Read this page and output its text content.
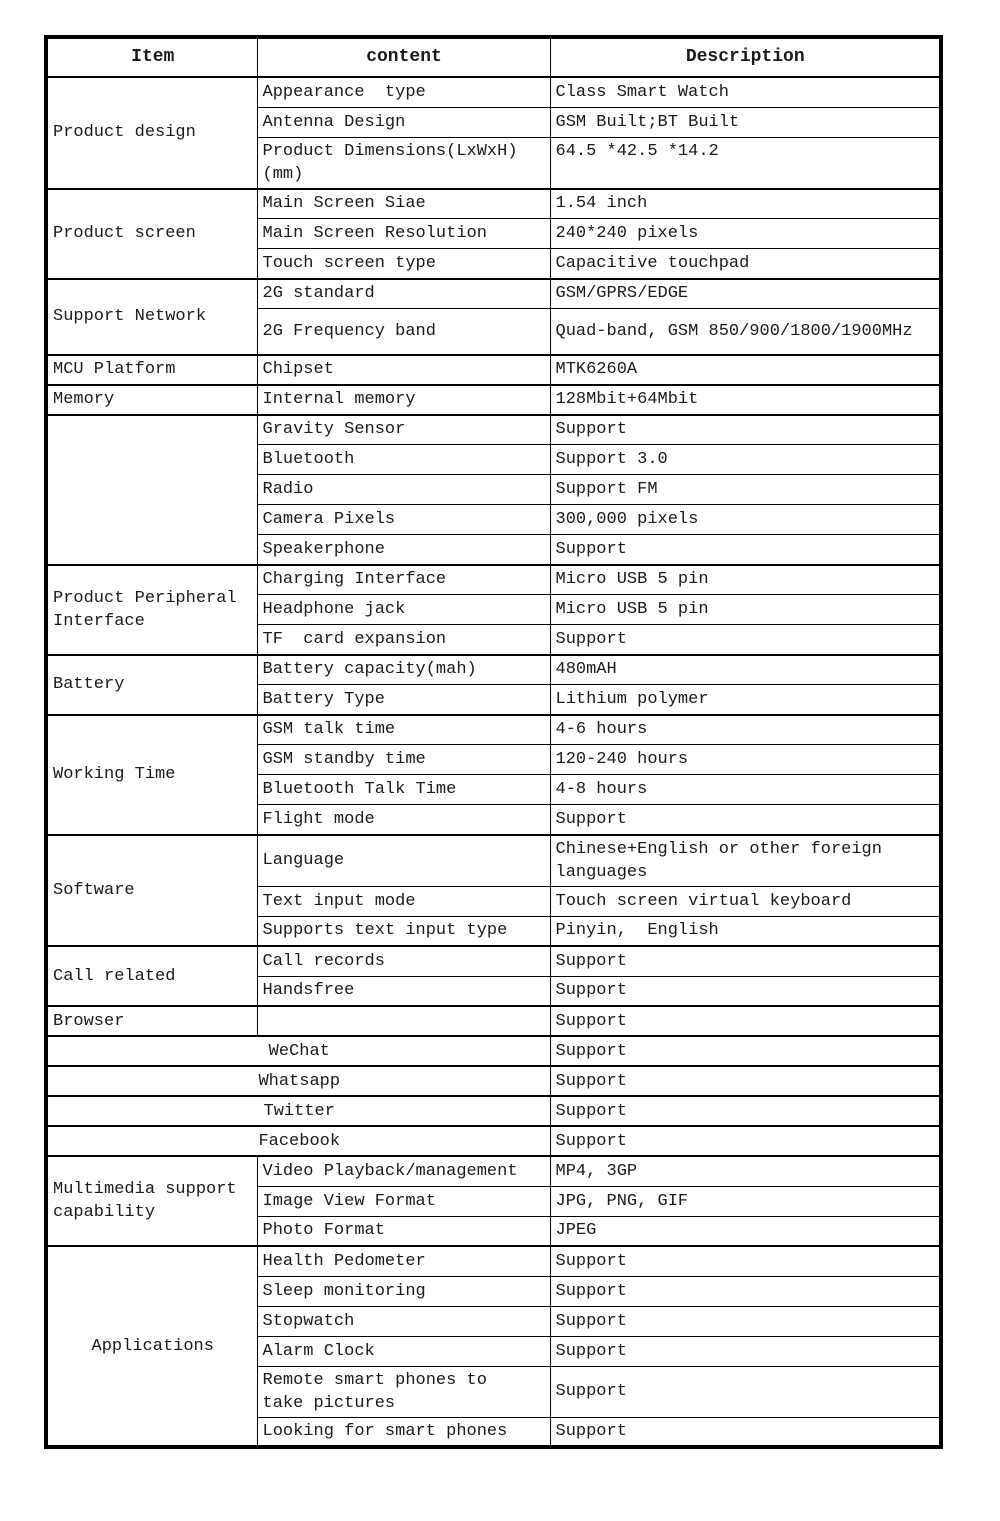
Item	content	Description
Product design	Appearance  type	Class Smart Watch
	Antenna Design	GSM Built;BT Built
	Product Dimensions(LxWxH)(mm)	64.5 *42.5 *14.2
Product screen	Main Screen Siae	1.54 inch
	Main Screen Resolution	240*240 pixels
	Touch screen type	Capacitive touchpad
Support Network	2G standard	GSM/GPRS/EDGE
	2G Frequency band	Quad-band, GSM 850/900/1800/1900MHz
MCU Platform	Chipset	MTK6260A
Memory	Internal memory	128Mbit+64Mbit
	Gravity Sensor	Support
	Bluetooth	Support 3.0
	Radio	Support FM
	Camera Pixels	300,000 pixels
	Speakerphone	Support
Product Peripheral Interface	Charging Interface	Micro USB 5 pin
	Headphone jack	Micro USB 5 pin
	TF  card expansion	Support
Battery	Battery capacity(mah)	480mAH
	Battery Type	Lithium polymer
Working Time	GSM talk time	4-6 hours
	GSM standby time	120-240 hours
	Bluetooth Talk Time	4-8 hours
	Flight mode	Support
Software	Language	Chinese+English or other foreign languages
	Text input mode	Touch screen virtual keyboard
	Supports text input type	Pinyin,  English
Call related	Call records	Support
	Handsfree	Support
Browser		Support
WeChat		Support
Whatsapp		Support
Twitter		Support
Facebook		Support
Multimedia support capability	Video Playback/management	MP4, 3GP
	Image View Format	JPG, PNG, GIF
	Photo Format	JPEG
Applications	Health Pedometer	Support
	Sleep monitoring	Support
	Stopwatch	Support
	Alarm Clock	Support
	Remote smart phones to take pictures	Support
	Looking for smart phones	Support
